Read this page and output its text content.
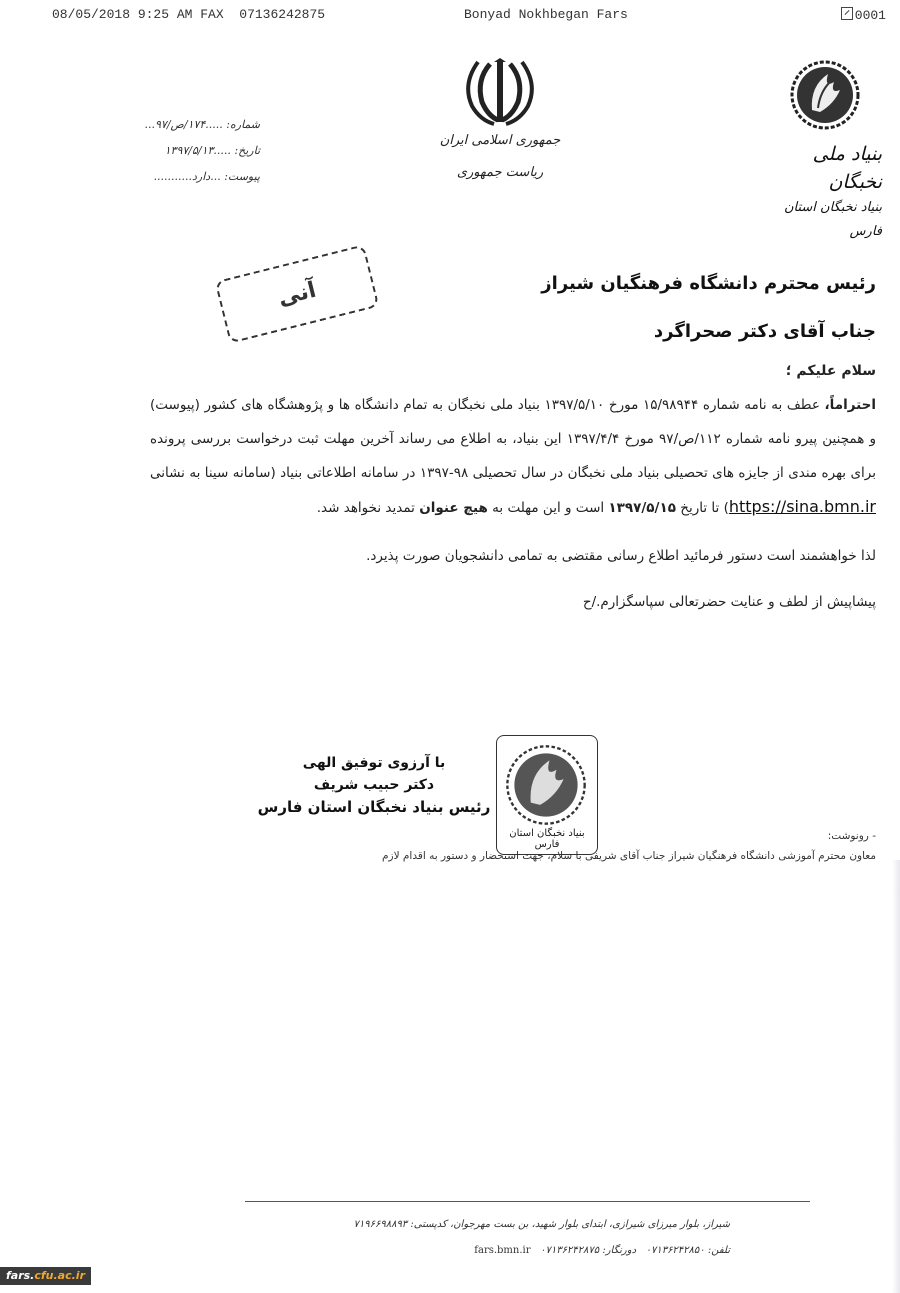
08/05/2018 9:25 AM FAX 07136242875	Bonyad Nokhbegan Fars	0001
شماره: .....۱۷۴/ص/۹۷...
تاریخ: .....۱۳۹۷/۵/۱۳
پیوست: ...دارد...........
جمهوری اسلامی ایران
ریاست جمهوری
بنیاد ملی نخبگان
بنیاد نخبگان استان فارس
آنی	رئیس محترم دانشگاه فرهنگیان شیراز
جناب آقای دکتر صحراگرد

سلام علیکم ؛

احتراماً، عطف به نامه شماره ۱۵/۹۸۹۴۴ مورخ ۱۳۹۷/۵/۱۰ بنیاد ملی نخبگان به تمام دانشگاه ها و پژوهشگاه های کشور (پیوست) و همچنین پیرو نامه شماره ۱۱۲/ص/۹۷ مورخ ۱۳۹۷/۴/۴ این بنیاد، به اطلاع می رساند آخرین مهلت ثبت درخواست بررسی پرونده برای بهره مندی از جایزه های تحصیلی بنیاد ملی نخبگان در سال تحصیلی ۹۸-۱۳۹۷ در سامانه اطلاعاتی بنیاد (سامانه سینا به نشانی https://sina.bmn.ir) تا تاریخ ۱۳۹۷/۵/۱۵ است و این مهلت به هیچ عنوان تمدید نخواهد شد.

لذا خواهشمند است دستور فرمائید اطلاع رسانی مقتضی به تمامی دانشجویان صورت پذیرد.

پیشاپیش از لطف و عنایت حضرتعالی سپاسگزارم./ح

بنیاد نخبگان استان فارس
با آرزوی توفیق الهی
دکتر حبیب شریف
رئیس بنیاد نخبگان استان فارس
- رونوشت:
معاون محترم آموزشی دانشگاه فرهنگیان شیراز جناب آقای شریفی با سلام، جهت استحضار و دستور به اقدام لازم
شیراز، بلوار میرزای شیرازی، ابتدای بلوار شهید، بن بست مهرجوان، کدپستی: ۷۱۹۶۶۹۸۸۹۳
تلفن: ۰۷۱۳۶۲۴۲۸۵۰   دورنگار: ۰۷۱۳۶۲۴۲۸۷۵   fars.bmn.ir
fars.cfu.ac.ir
